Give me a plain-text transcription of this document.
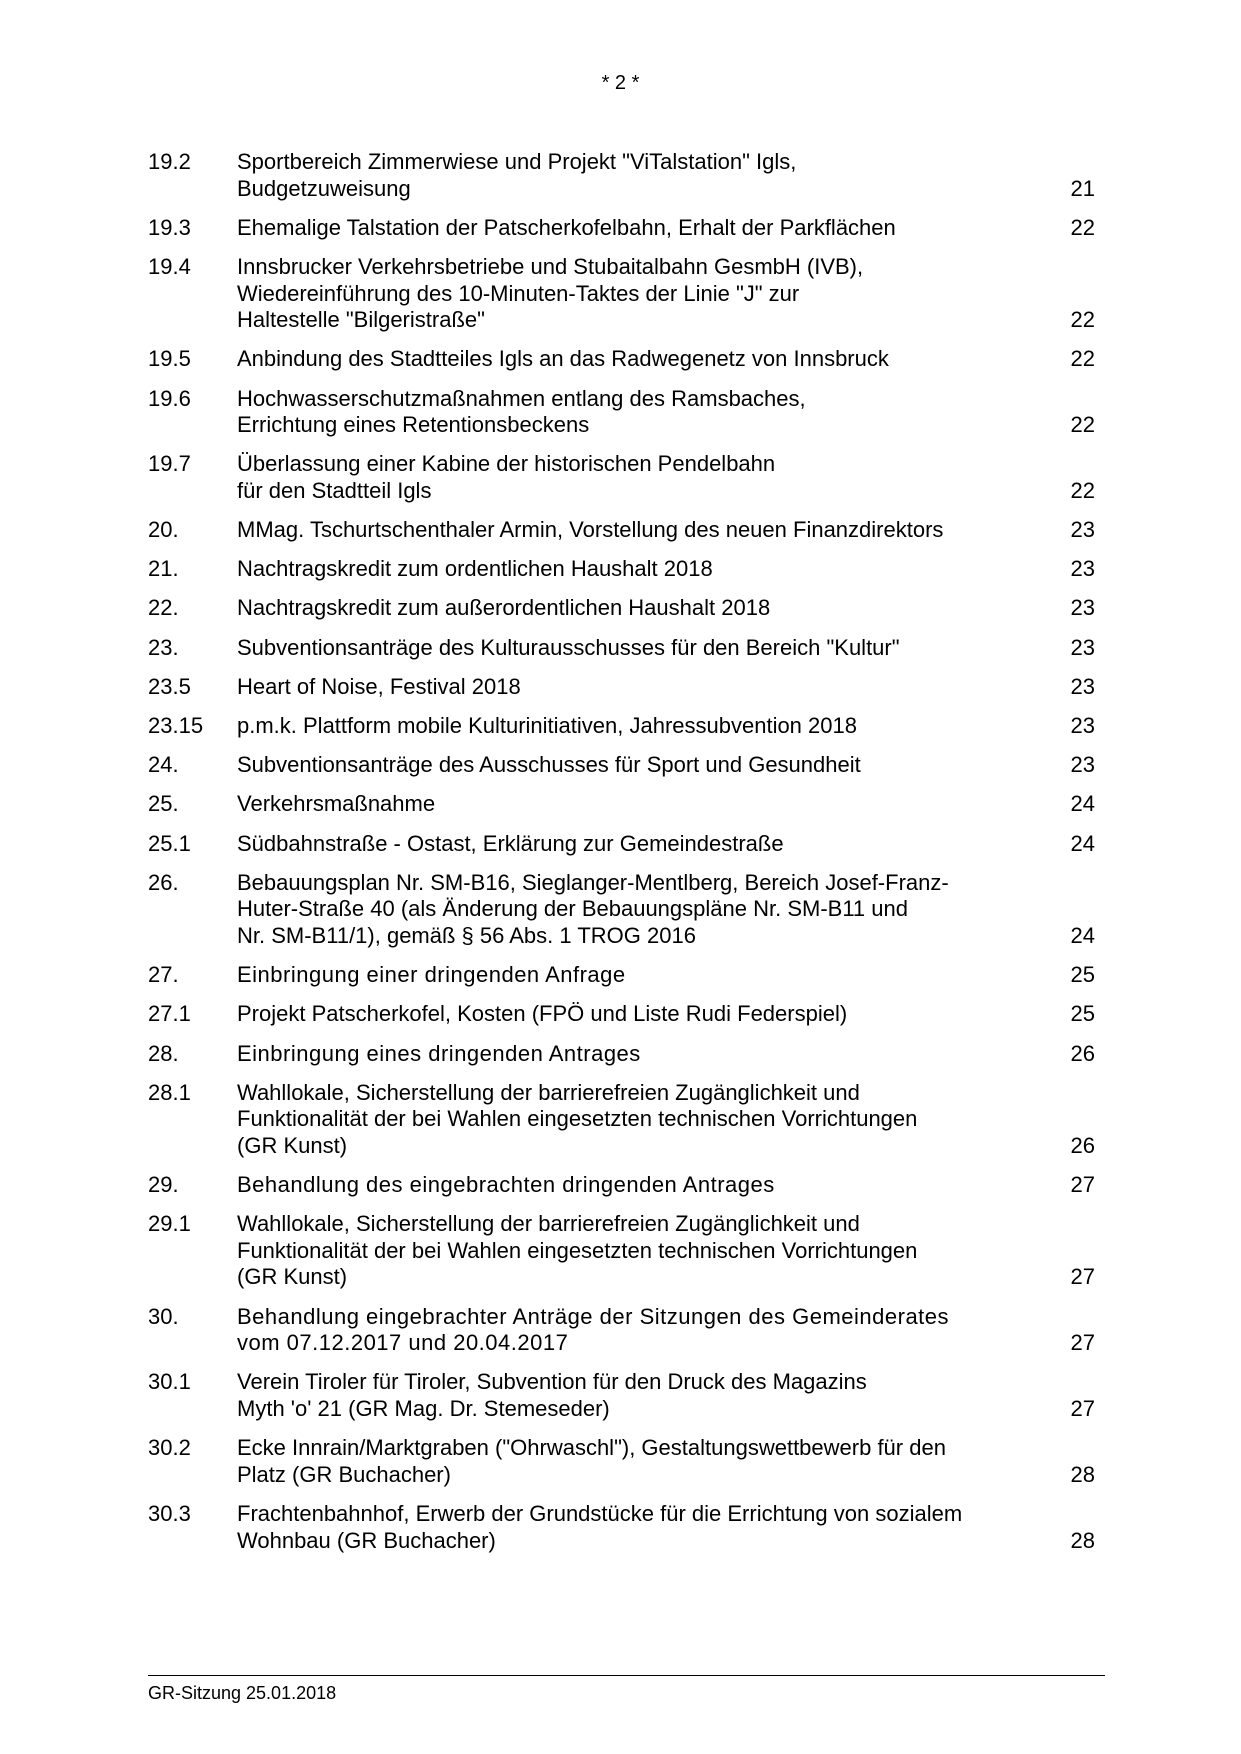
* 2 *
19.2	Sportbereich Zimmerwiese und Projekt "ViTalstation" Igls,
Budgetzuweisung	21
19.3	Ehemalige Talstation der Patscherkofelbahn, Erhalt der Parkflächen	22
19.4	Innsbrucker Verkehrsbetriebe und Stubaitalbahn GesmbH (IVB),
Wiedereinführung des 10-Minuten-Taktes der Linie "J" zur
Haltestelle "Bilgeristraße"	22
19.5	Anbindung des Stadtteiles Igls an das Radwegenetz von Innsbruck	22
19.6	Hochwasserschutzmaßnahmen entlang des Ramsbaches,
Errichtung eines Retentionsbeckens	22
19.7	Überlassung einer Kabine der historischen Pendelbahn
für den Stadtteil Igls	22
20.	MMag. Tschurtschenthaler Armin, Vorstellung des neuen Finanzdirektors	23
21.	Nachtragskredit zum ordentlichen Haushalt 2018	23
22.	Nachtragskredit zum außerordentlichen Haushalt 2018	23
23.	Subventionsanträge des Kulturausschusses für den Bereich "Kultur"	23
23.5	Heart of Noise, Festival 2018	23
23.15	p.m.k. Plattform mobile Kulturinitiativen, Jahressubvention 2018	23
24.	Subventionsanträge des Ausschusses für Sport und Gesundheit	23
25.	Verkehrsmaßnahme	24
25.1	Südbahnstraße - Ostast, Erklärung zur Gemeindestraße	24
26.	Bebauungsplan Nr. SM-B16, Sieglanger-Mentlberg, Bereich Josef-Franz-
Huter-Straße 40 (als Änderung der Bebauungspläne Nr. SM-B11 und
Nr. SM-B11/1), gemäß § 56 Abs. 1 TROG 2016	24
27.	Einbringung einer dringenden Anfrage	25
27.1	Projekt Patscherkofel, Kosten (FPÖ und Liste Rudi Federspiel)	25
28.	Einbringung eines dringenden Antrages	26
28.1	Wahllokale, Sicherstellung der barrierefreien Zugänglichkeit und
Funktionalität der bei Wahlen eingesetzten technischen Vorrichtungen
(GR Kunst)	26
29.	Behandlung des eingebrachten dringenden Antrages	27
29.1	Wahllokale, Sicherstellung der barrierefreien Zugänglichkeit und
Funktionalität der bei Wahlen eingesetzten technischen Vorrichtungen
(GR Kunst)	27
30.	Behandlung eingebrachter Anträge der Sitzungen des Gemeinderates
vom 07.12.2017 und 20.04.2017	27
30.1	Verein Tiroler für Tiroler, Subvention für den Druck des Magazins
Myth 'o' 21 (GR Mag. Dr. Stemeseder)	27
30.2	Ecke Innrain/Marktgraben ("Ohrwaschl"), Gestaltungswettbewerb für den
Platz (GR Buchacher)	28
30.3	Frachtenbahnhof, Erwerb der Grundstücke für die Errichtung von sozialem
Wohnbau (GR Buchacher)	28
GR-Sitzung 25.01.2018
